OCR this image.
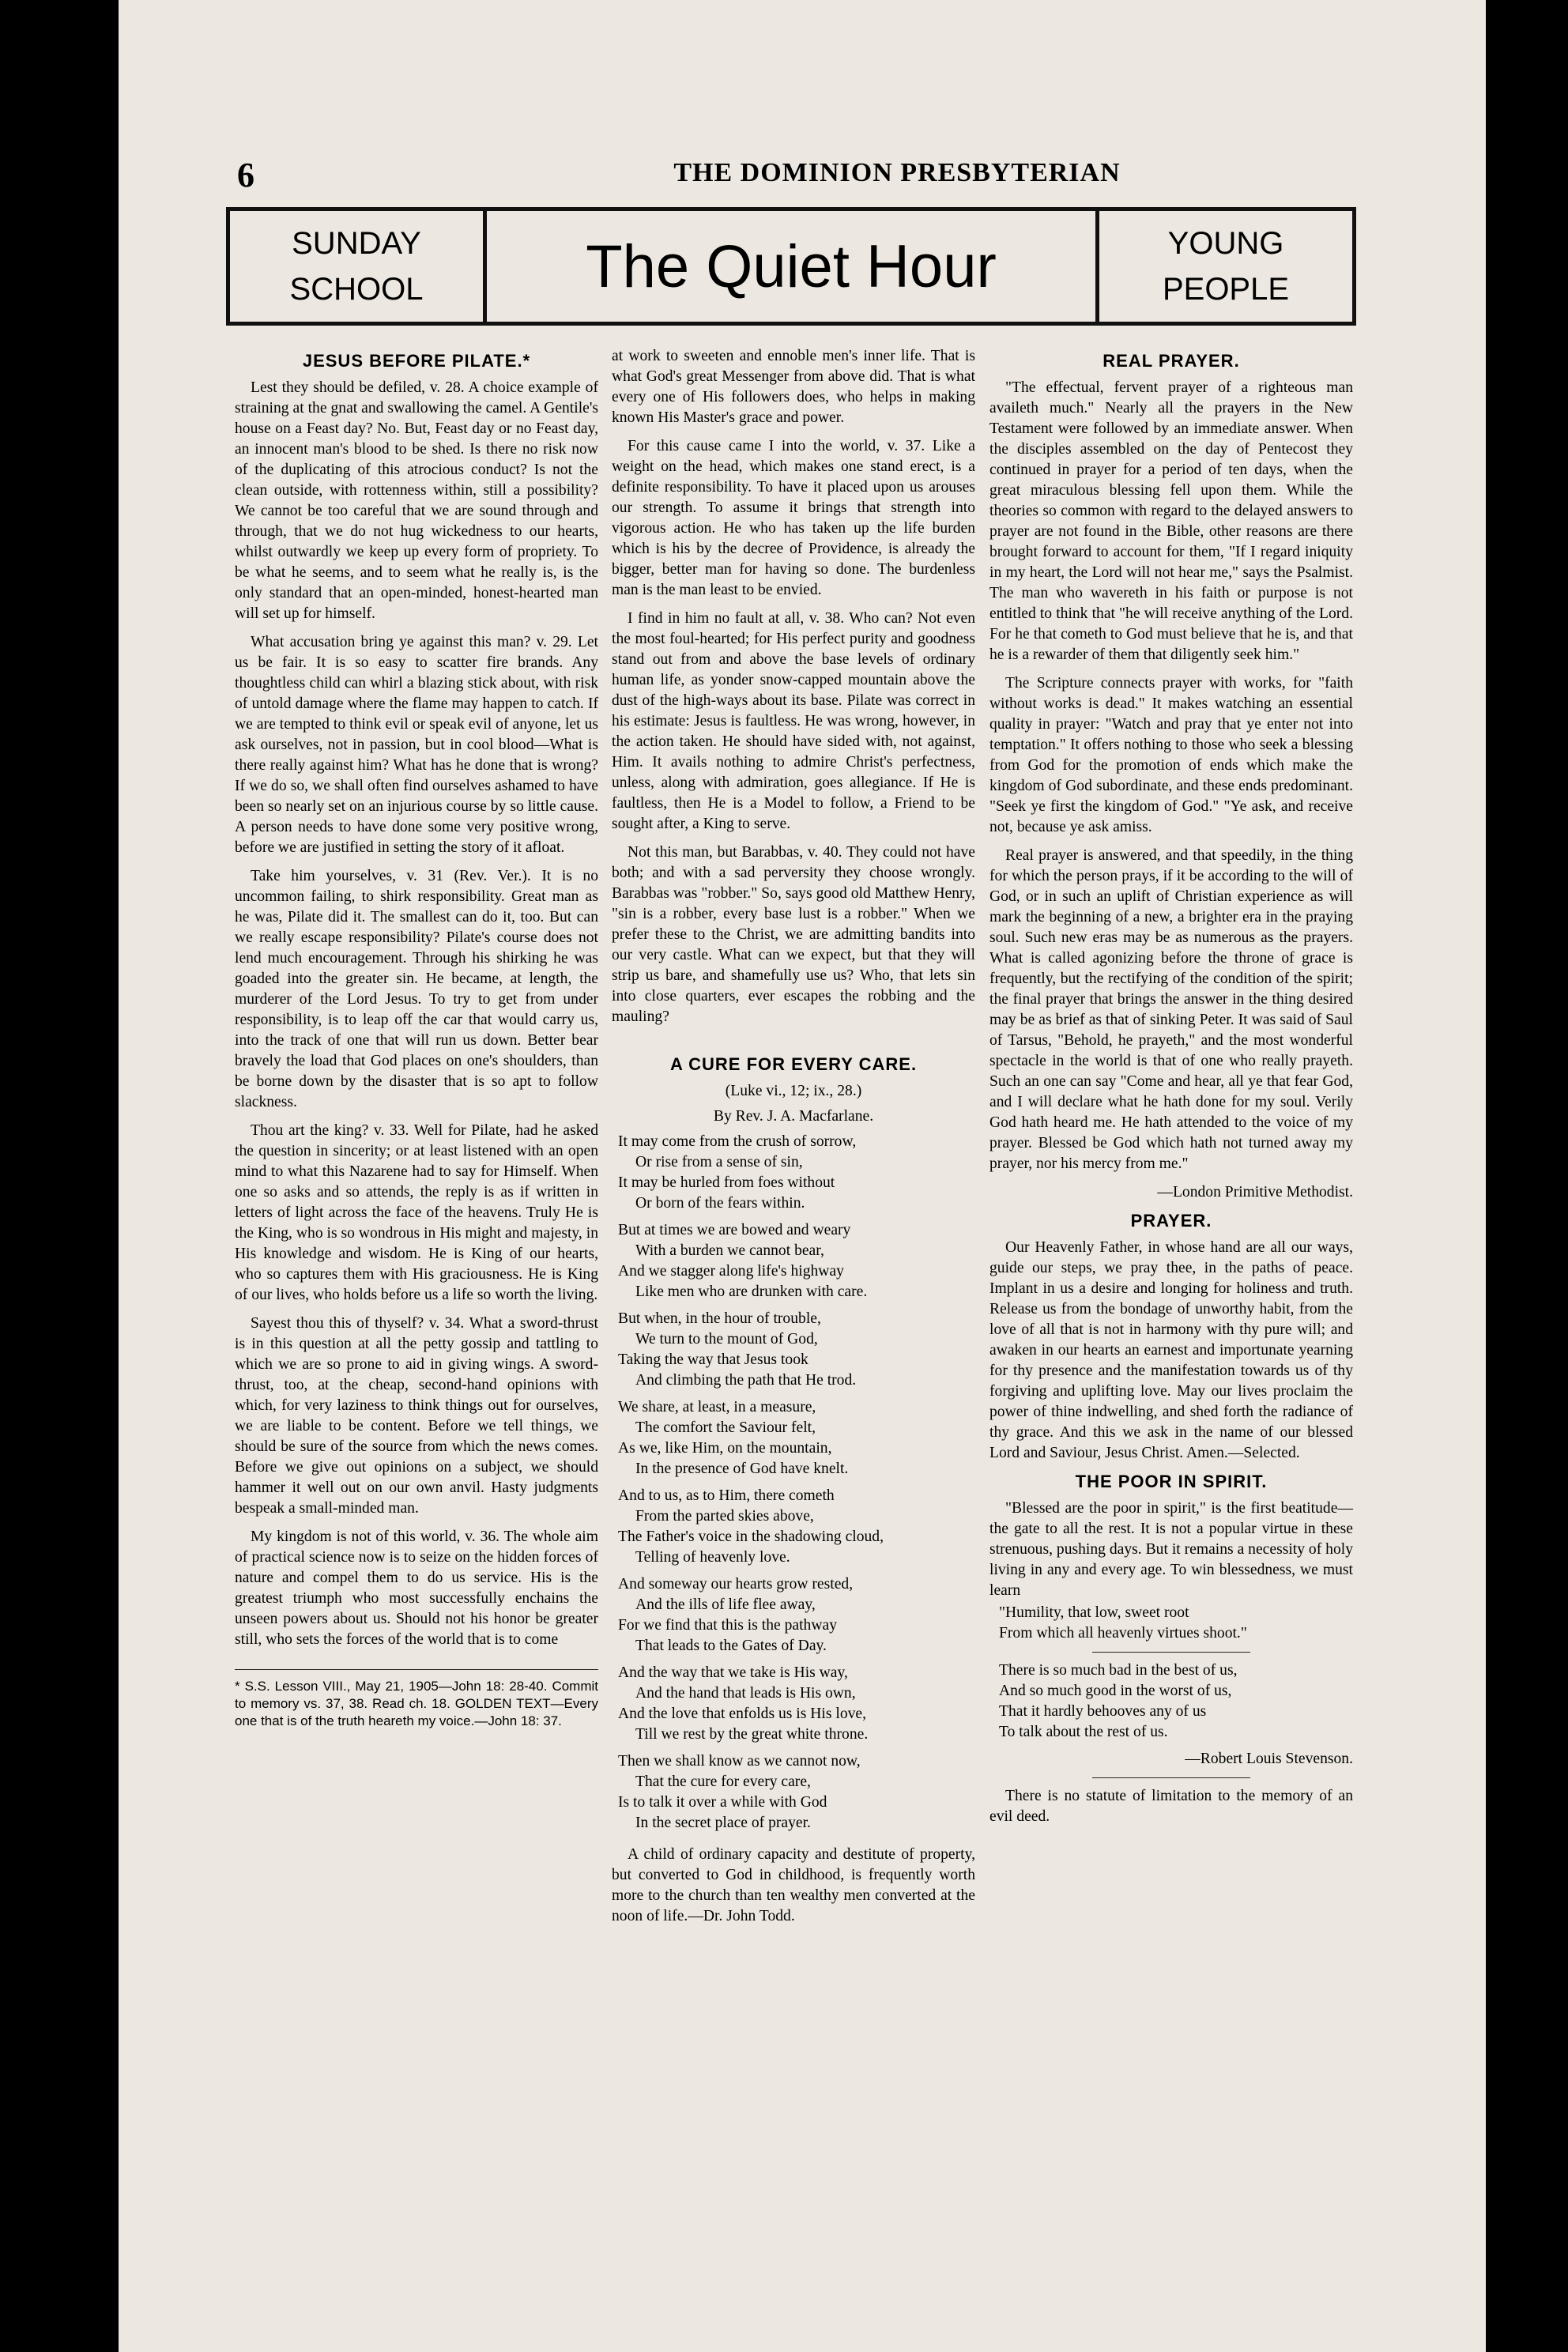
6	THE DOMINION PRESBYTERIAN
SUNDAY
SCHOOL	The Quiet Hour	YOUNG
PEOPLE
JESUS BEFORE PILATE.*

Lest they should be defiled, v. 28. A choice example of straining at the gnat and swallowing the camel. A Gentile's house on a Feast day? No. But, Feast day or no Feast day, an innocent man's blood to be shed. Is there no risk now of the duplicating of this atrocious conduct? Is not the clean outside, with rottenness within, still a possibility? We cannot be too careful that we are sound through and through, that we do not hug wickedness to our hearts, whilst outwardly we keep up every form of propriety. To be what he seems, and to seem what he really is, is the only standard that an open-minded, honest-hearted man will set up for himself.

What accusation bring ye against this man? v. 29. Let us be fair. It is so easy to scatter fire brands. Any thoughtless child can whirl a blazing stick about, with risk of untold damage where the flame may happen to catch. If we are tempted to think evil or speak evil of anyone, let us ask ourselves, not in passion, but in cool blood—What is there really against him? What has he done that is wrong? If we do so, we shall often find ourselves ashamed to have been so nearly set on an injurious course by so little cause. A person needs to have done some very positive wrong, before we are justified in setting the story of it afloat.

Take him yourselves, v. 31 (Rev. Ver.). It is no uncommon failing, to shirk responsibility. Great man as he was, Pilate did it. The smallest can do it, too. But can we really escape responsibility? Pilate's course does not lend much encouragement. Through his shirking he was goaded into the greater sin. He became, at length, the murderer of the Lord Jesus. To try to get from under responsibility, is to leap off the car that would carry us, into the track of one that will run us down. Better bear bravely the load that God places on one's shoulders, than be borne down by the disaster that is so apt to follow slackness.

Thou art the king? v. 33. Well for Pilate, had he asked the question in sincerity; or at least listened with an open mind to what this Nazarene had to say for Himself. When one so asks and so attends, the reply is as if written in letters of light across the face of the heavens. Truly He is the King, who is so wondrous in His might and majesty, in His knowledge and wisdom. He is King of our hearts, who so captures them with His graciousness. He is King of our lives, who holds before us a life so worth the living.

Sayest thou this of thyself? v. 34. What a sword-thrust is in this question at all the petty gossip and tattling to which we are so prone to aid in giving wings. A sword-thrust, too, at the cheap, second-hand opinions with which, for very laziness to think things out for ourselves, we are liable to be content. Before we tell things, we should be sure of the source from which the news comes. Before we give out opinions on a subject, we should hammer it well out on our own anvil. Hasty judgments bespeak a small-minded man.

My kingdom is not of this world, v. 36. The whole aim of practical science now is to seize on the hidden forces of nature and compel them to do us service. His is the greatest triumph who most successfully enchains the unseen powers about us. Should not his honor be greater still, who sets the forces of the world that is to come

* S.S. Lesson VIII., May 21, 1905—John 18: 28-40. Commit to memory vs. 37, 38. Read ch. 18. GOLDEN TEXT—Every one that is of the truth heareth my voice.—John 18: 37.

at work to sweeten and ennoble men's inner life. That is what God's great Messenger from above did. That is what every one of His followers does, who helps in making known His Master's grace and power.

For this cause came I into the world, v. 37. Like a weight on the head, which makes one stand erect, is a definite responsibility. To have it placed upon us arouses our strength. To assume it brings that strength into vigorous action. He who has taken up the life burden which is his by the decree of Providence, is already the bigger, better man for having so done. The burdenless man is the man least to be envied.

I find in him no fault at all, v. 38. Who can? Not even the most foul-hearted; for His perfect purity and goodness stand out from and above the base levels of ordinary human life, as yonder snow-capped mountain above the dust of the high-ways about its base. Pilate was correct in his estimate: Jesus is faultless. He was wrong, however, in the action taken. He should have sided with, not against, Him. It avails nothing to admire Christ's perfectness, unless, along with admiration, goes allegiance. If He is faultless, then He is a Model to follow, a Friend to be sought after, a King to serve.

Not this man, but Barabbas, v. 40. They could not have both; and with a sad perversity they choose wrongly. Barabbas was "robber." So, says good old Matthew Henry, "sin is a robber, every base lust is a robber." When we prefer these to the Christ, we are admitting bandits into our very castle. What can we expect, but that they will strip us bare, and shamefully use us? Who, that lets sin into close quarters, ever escapes the robbing and the mauling?

A CURE FOR EVERY CARE.
(Luke vi., 12; ix., 28.)
By Rev. J. A. Macfarlane.
It may come from the crush of sorrow,
Or rise from a sense of sin,
It may be hurled from foes without
Or born of the fears within.
But at times we are bowed and weary
With a burden we cannot bear,
And we stagger along life's highway
Like men who are drunken with care.
But when, in the hour of trouble,
We turn to the mount of God,
Taking the way that Jesus took
And climbing the path that He trod.
We share, at least, in a measure,
The comfort the Saviour felt,
As we, like Him, on the mountain,
In the presence of God have knelt.
And to us, as to Him, there cometh
From the parted skies above,
The Father's voice in the shadowing cloud,
Telling of heavenly love.
And someway our hearts grow rested,
And the ills of life flee away,
For we find that this is the pathway
That leads to the Gates of Day.
And the way that we take is His way,
And the hand that leads is His own,
And the love that enfolds us is His love,
Till we rest by the great white throne.
Then we shall know as we cannot now,
That the cure for every care,
Is to talk it over a while with God
In the secret place of prayer.

A child of ordinary capacity and destitute of property, but converted to God in childhood, is frequently worth more to the church than ten wealthy men converted at the noon of life.—Dr. John Todd.

REAL PRAYER.

"The effectual, fervent prayer of a righteous man availeth much." Nearly all the prayers in the New Testament were followed by an immediate answer. When the disciples assembled on the day of Pentecost they continued in prayer for a period of ten days, when the great miraculous blessing fell upon them. While the theories so common with regard to the delayed answers to prayer are not found in the Bible, other reasons are there brought forward to account for them, "If I regard iniquity in my heart, the Lord will not hear me," says the Psalmist. The man who wavereth in his faith or purpose is not entitled to think that "he will receive anything of the Lord. For he that cometh to God must believe that he is, and that he is a rewarder of them that diligently seek him."

The Scripture connects prayer with works, for "faith without works is dead." It makes watching an essential quality in prayer: "Watch and pray that ye enter not into temptation." It offers nothing to those who seek a blessing from God for the promotion of ends which make the kingdom of God subordinate, and these ends predominant. "Seek ye first the kingdom of God." "Ye ask, and receive not, because ye ask amiss.

Real prayer is answered, and that speedily, in the thing for which the person prays, if it be according to the will of God, or in such an uplift of Christian experience as will mark the beginning of a new, a brighter era in the praying soul. Such new eras may be as numerous as the prayers. What is called agonizing before the throne of grace is frequently, but the rectifying of the condition of the spirit; the final prayer that brings the answer in the thing desired may be as brief as that of sinking Peter. It was said of Saul of Tarsus, "Behold, he prayeth," and the most wonderful spectacle in the world is that of one who really prayeth. Such an one can say "Come and hear, all ye that fear God, and I will declare what he hath done for my soul. Verily God hath heard me. He hath attended to the voice of my prayer. Blessed be God which hath not turned away my prayer, nor his mercy from me."

—London Primitive Methodist.
PRAYER.

Our Heavenly Father, in whose hand are all our ways, guide our steps, we pray thee, in the paths of peace. Implant in us a desire and longing for holiness and truth. Release us from the bondage of unworthy habit, from the love of all that is not in harmony with thy pure will; and awaken in our hearts an earnest and importunate yearning for thy presence and the manifestation towards us of thy forgiving and uplifting love. May our lives proclaim the power of thine indwelling, and shed forth the radiance of thy grace. And this we ask in the name of our blessed Lord and Saviour, Jesus Christ. Amen.—Selected.

THE POOR IN SPIRIT.

"Blessed are the poor in spirit," is the first beatitude—the gate to all the rest. It is not a popular virtue in these strenuous, pushing days. But it remains a necessity of holy living in any and every age. To win blessedness, we must learn

"Humility, that low, sweet root
From which all heavenly virtues shoot."
There is so much bad in the best of us,
And so much good in the worst of us,
That it hardly behooves any of us
To talk about the rest of us.
—Robert Louis Stevenson.

There is no statute of limitation to the memory of an evil deed.
